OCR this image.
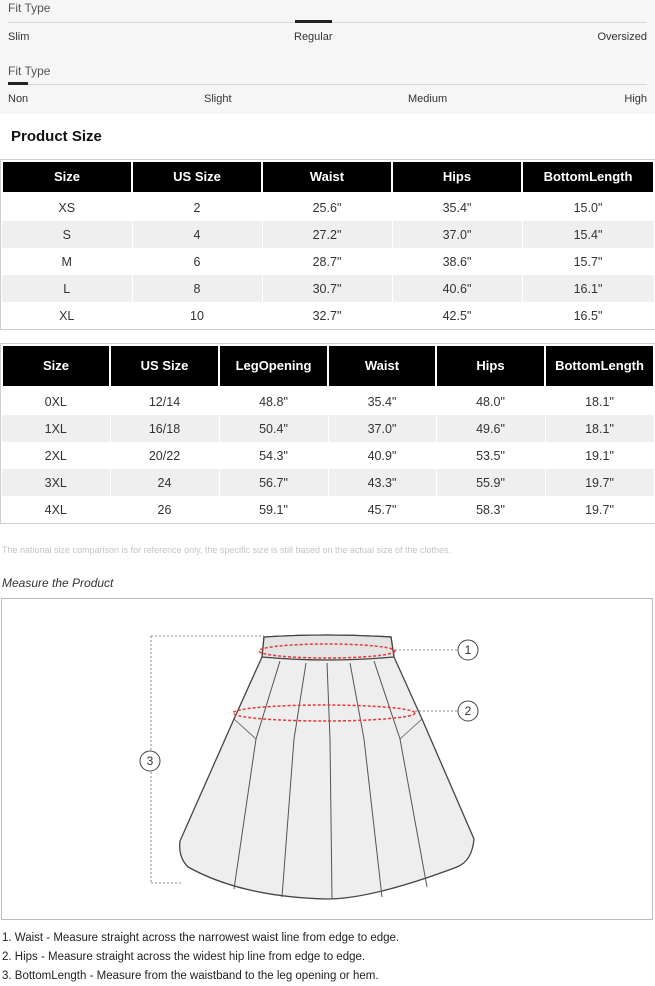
Fit Type
Slim	Regular	Oversized
Fit Type
Non	Slight	Medium	High
Product Size
Size	US Size	Waist	Hips	BottomLength
XS	2	25.6"	35.4"	15.0"
S	4	27.2"	37.0"	15.4"
M	6	28.7"	38.6"	15.7"
L	8	30.7"	40.6"	16.1"
XL	10	32.7"	42.5"	16.5"
Size	US Size	LegOpening	Waist	Hips	BottomLength
0XL	12/14	48.8"	35.4"	48.0"	18.1"
1XL	16/18	50.4"	37.0"	49.6"	18.1"
2XL	20/22	54.3"	40.9"	53.5"	19.1"
3XL	24	56.7"	43.3"	55.9"	19.7"
4XL	26	59.1"	45.7"	58.3"	19.7"
The national size comparison is for reference only, the specific size is still based on the actual size of the clothes.
Measure the Product
1
2
3
1. Waist - Measure straight across the narrowest waist line from edge to edge.
2. Hips - Measure straight across the widest hip line from edge to edge.
3. BottomLength - Measure from the waistband to the leg opening or hem.
